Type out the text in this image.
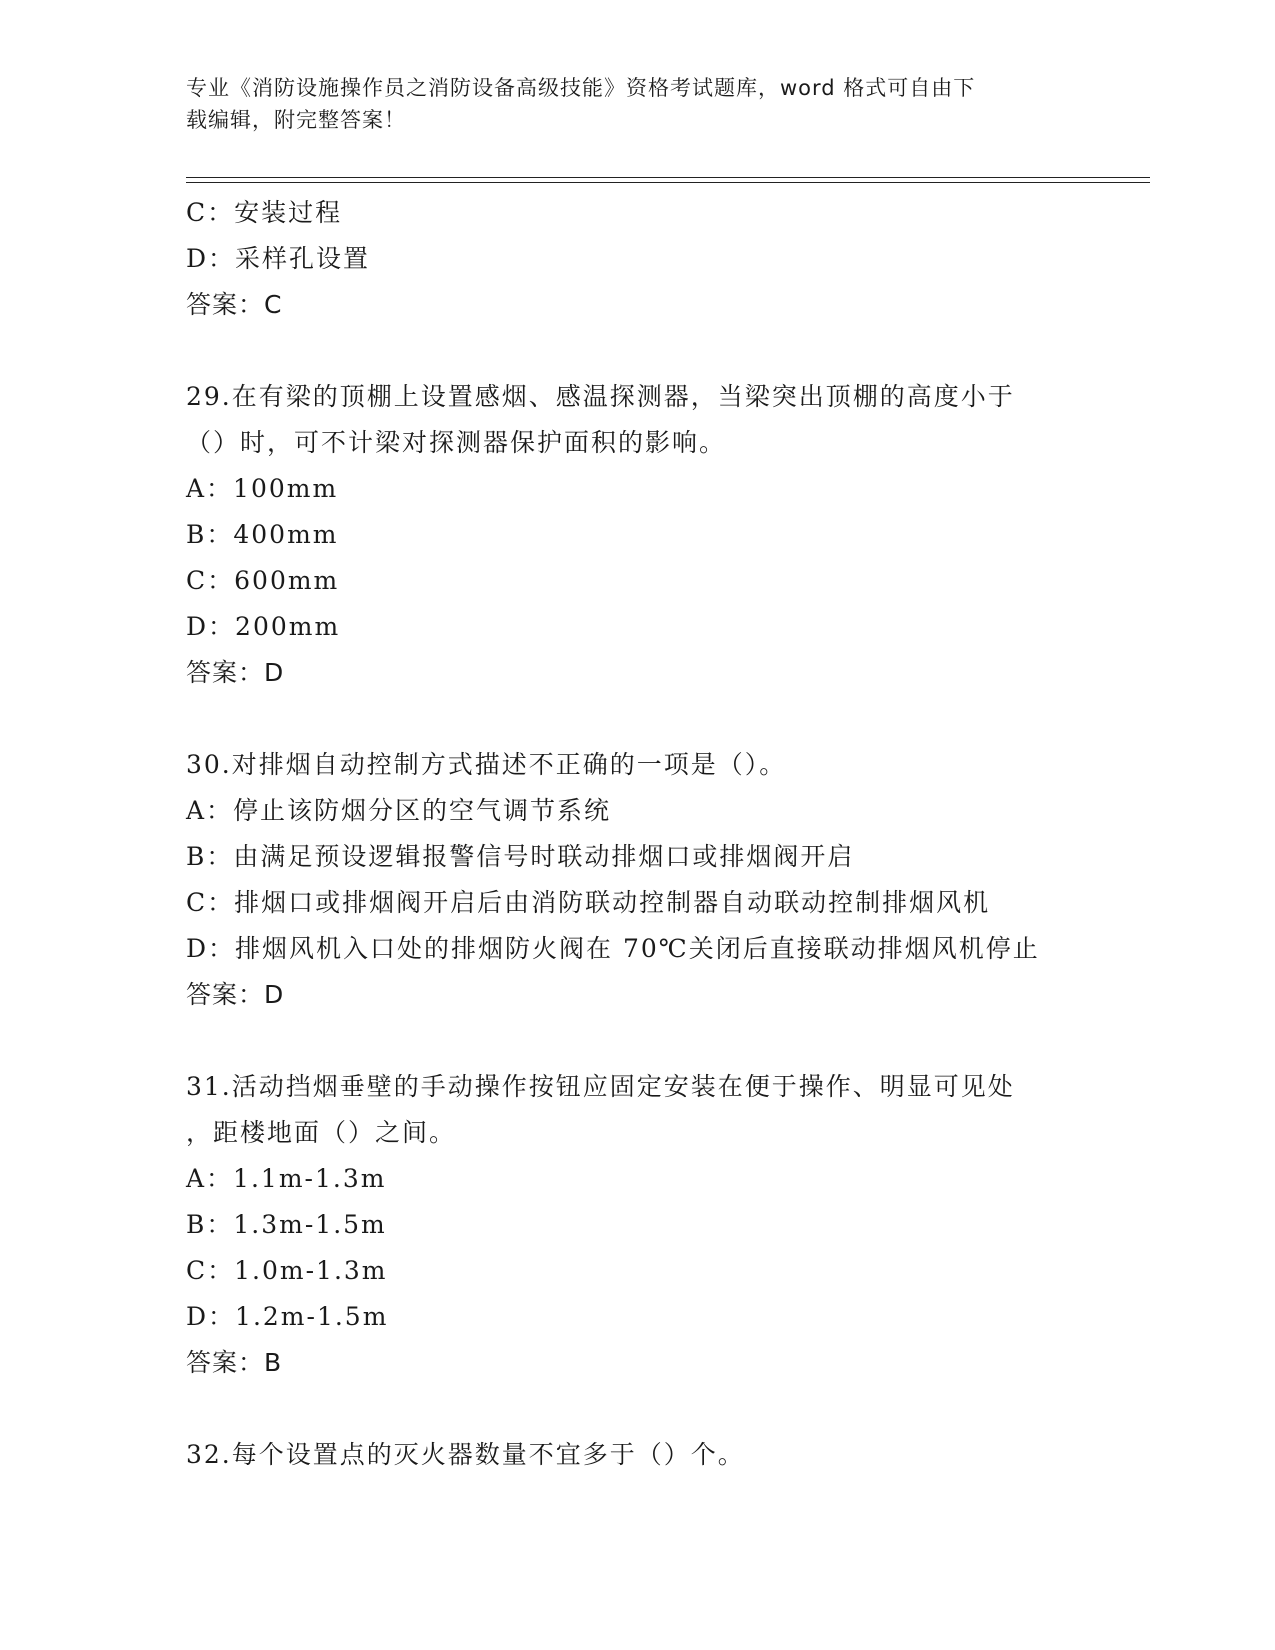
专业《消防设施操作员之消防设备高级技能》资格考试题库，word 格式可自由下
载编辑，附完整答案！
C：安装过程
D：采样孔设置
答案：C
29.在有梁的顶棚上设置感烟、感温探测器，当梁突出顶棚的高度小于
（）时，可不计梁对探测器保护面积的影响。
A：100mm
B：400mm
C：600mm
D：200mm
答案：D
30.对排烟自动控制方式描述不正确的一项是（）。
A：停止该防烟分区的空气调节系统
B：由满足预设逻辑报警信号时联动排烟口或排烟阀开启
C：排烟口或排烟阀开启后由消防联动控制器自动联动控制排烟风机
D：排烟风机入口处的排烟防火阀在 70℃关闭后直接联动排烟风机停止
答案：D
31.活动挡烟垂壁的手动操作按钮应固定安装在便于操作、明显可见处
，距楼地面（）之间。
A：1.1m-1.3m
B：1.3m-1.5m
C：1.0m-1.3m
D：1.2m-1.5m
答案：B
32.每个设置点的灭火器数量不宜多于（）个。
